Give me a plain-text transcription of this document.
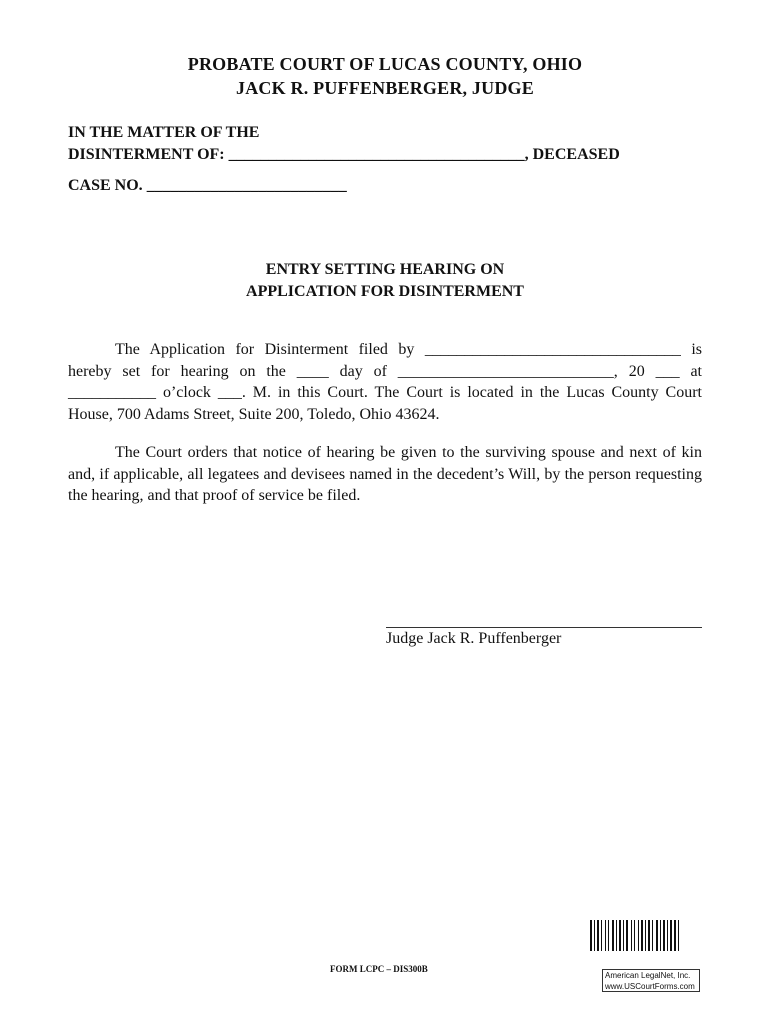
PROBATE COURT OF LUCAS COUNTY, OHIO
JACK R. PUFFENBERGER, JUDGE
IN THE MATTER OF THE
DISINTERMENT OF: _____________________________________, DECEASED
CASE NO. _________________________
ENTRY SETTING HEARING ON
APPLICATION FOR DISINTERMENT
The Application for Disinterment filed by ________________________________ is hereby set for hearing on the ____ day of ___________________________, 20 ___ at ___________ o’clock ___. M. in this Court. The Court is located in the Lucas County Court House, 700 Adams Street, Suite 200, Toledo, Ohio 43624.
The Court orders that notice of hearing be given to the surviving spouse and next of kin and, if applicable, all legatees and devisees named in the decedent’s Will, by the person requesting the hearing, and that proof of service be filed.
Judge Jack R. Puffenberger
FORM LCPC – DIS300B
American LegalNet, Inc.
www.USCourtForms.com
